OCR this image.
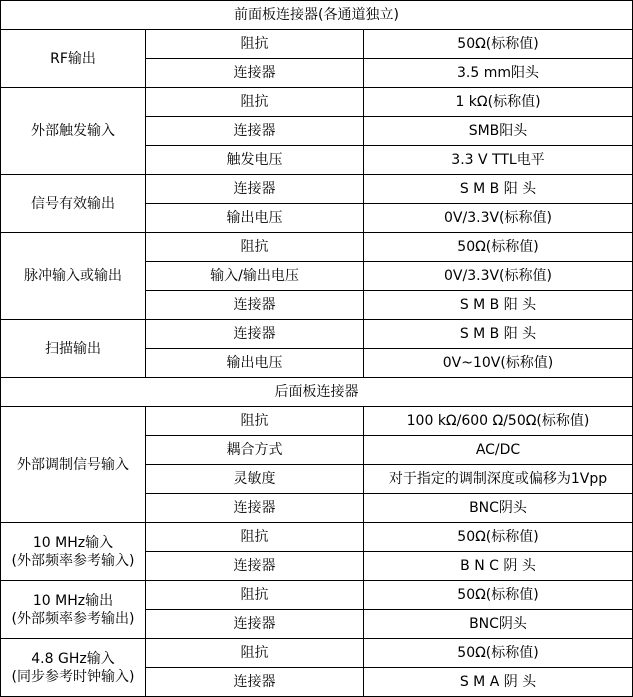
前面板连接器(各通道独立)		
RF输出	阻抗	50Ω(标称值)
	连接器	3.5 mm阳头
外部触发输入	阻抗	1 kΩ(标称值)
	连接器	SMB阳头
	触发电压	3.3 V TTL电平
信号有效输出	连接器	S M B 阳 头
	输出电压	0V/3.3V(标称值)
脉冲输入或输出	阻抗	50Ω(标称值)
	输入/输出电压	0V/3.3V(标称值)
	连接器	S M B 阳 头
扫描输出	连接器	S M B 阳 头
	输出电压	0V~10V(标称值)
后面板连接器		
外部调制信号输入	阻抗	100 kΩ/600 Ω/50Ω(标称值)
	耦合方式	AC/DC
	灵敏度	对于指定的调制深度或偏移为1Vpp
	连接器	BNC阴头
10 MHz输入
(外部频率参考输入)	阻抗	50Ω(标称值)
	连接器	B N C 阴 头
10 MHz输出
(外部频率参考输出)	阻抗	50Ω(标称值)
	连接器	BNC阴头
4.8 GHz输入
(同步参考时钟输入)	阻抗	50Ω(标称值)
	连接器	S M A 阴 头
